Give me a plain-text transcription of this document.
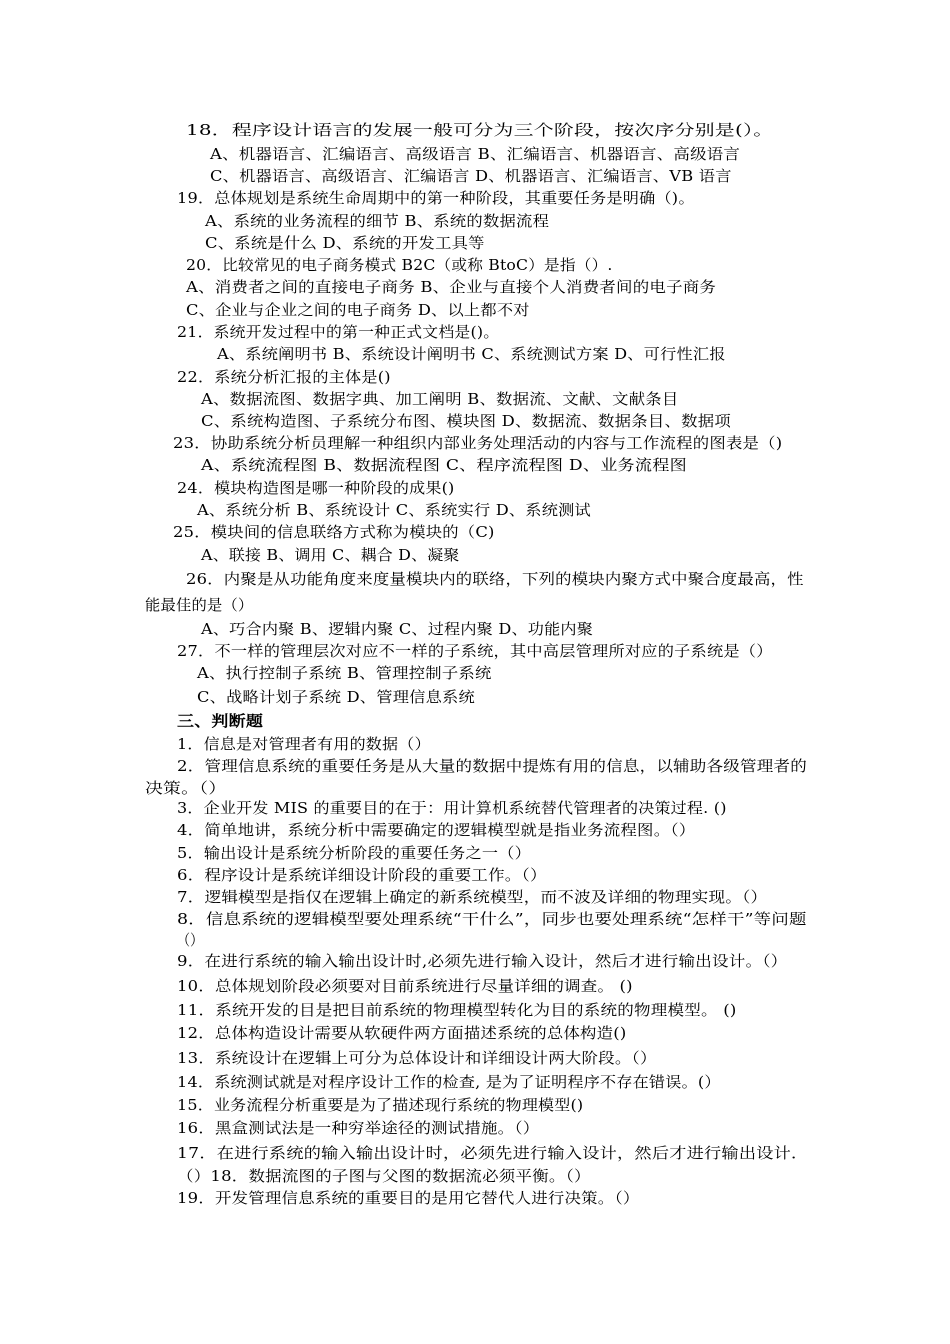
18．程序设计语言的发展一般可分为三个阶段，按次序分别是(）。
A、机器语言、汇编语言、高级语言 B、汇编语言、机器语言、高级语言
C、机器语言、高级语言、汇编语言 D、机器语言、汇编语言、VB 语言
19．总体规划是系统生命周期中的第一种阶段，其重要任务是明确（)。
A、系统的业务流程的细节 B、系统的数据流程
C、系统是什么 D、系统的开发工具等
20．比较常见的电子商务模式 B2C（或称 BtoC）是指（）.
A、消费者之间的直接电子商务 B、企业与直接个人消费者间的电子商务
C、企业与企业之间的电子商务 D、以上都不对
21．系统开发过程中的第一种正式文档是()。
A、系统阐明书 B、系统设计阐明书 C、系统测试方案 D、可行性汇报
22．系统分析汇报的主体是()
A、数据流图、数据字典、加工阐明 B、数据流、文献、文献条目
C、系统构造图、子系统分布图、模块图 D、数据流、数据条目、数据项
23．协助系统分析员理解一种组织内部业务处理活动的内容与工作流程的图表是（)
A、系统流程图 B、数据流程图 C、程序流程图 D、业务流程图
24．模块构造图是哪一种阶段的成果()
A、系统分析 B、系统设计 C、系统实行 D、系统测试
25．模块间的信息联络方式称为模块的（C)
A、联接 B、调用 C、耦合 D、凝聚
26．内聚是从功能角度来度量模块内的联络，下列的模块内聚方式中聚合度最高，性
能最佳的是（）
A、巧合内聚 B、逻辑内聚 C、过程内聚 D、功能内聚
27．不一样的管理层次对应不一样的子系统，其中高层管理所对应的子系统是（）
A、执行控制子系统 B、管理控制子系统
C、战略计划子系统 D、管理信息系统
三、判断题
1．信息是对管理者有用的数据（）
2．管理信息系统的重要任务是从大量的数据中提炼有用的信息，以辅助各级管理者的
决策。（）
3．企业开发 MIS 的重要目的在于：用计算机系统替代管理者的决策过程. ()
4．简单地讲，系统分析中需要确定的逻辑模型就是指业务流程图。（）
5．输出设计是系统分析阶段的重要任务之一（）
6．程序设计是系统详细设计阶段的重要工作。（）
7．逻辑模型是指仅在逻辑上确定的新系统模型，而不波及详细的物理实现。（）
8．信息系统的逻辑模型要处理系统“干什么”，同步也要处理系统“怎样干”等问题
（）
9．在进行系统的输入输出设计时,必须先进行输入设计，然后才进行输出设计。（）
10．总体规划阶段必须要对目前系统进行尽量详细的调查。 ()
11．系统开发的目是把目前系统的物理模型转化为目的系统的物理模型。 ()
12．总体构造设计需要从软硬件两方面描述系统的总体构造()
13．系统设计在逻辑上可分为总体设计和详细设计两大阶段。（）
14．系统测试就是对程序设计工作的检查, 是为了证明程序不存在错误。(）
15．业务流程分析重要是为了描述现行系统的物理模型()
16．黑盒测试法是一种穷举途径的测试措施。（）
17．在进行系统的输入输出设计时，必须先进行输入设计，然后才进行输出设计．
（）18．数据流图的子图与父图的数据流必须平衡。（）
19．开发管理信息系统的重要目的是用它替代人进行决策。（）
